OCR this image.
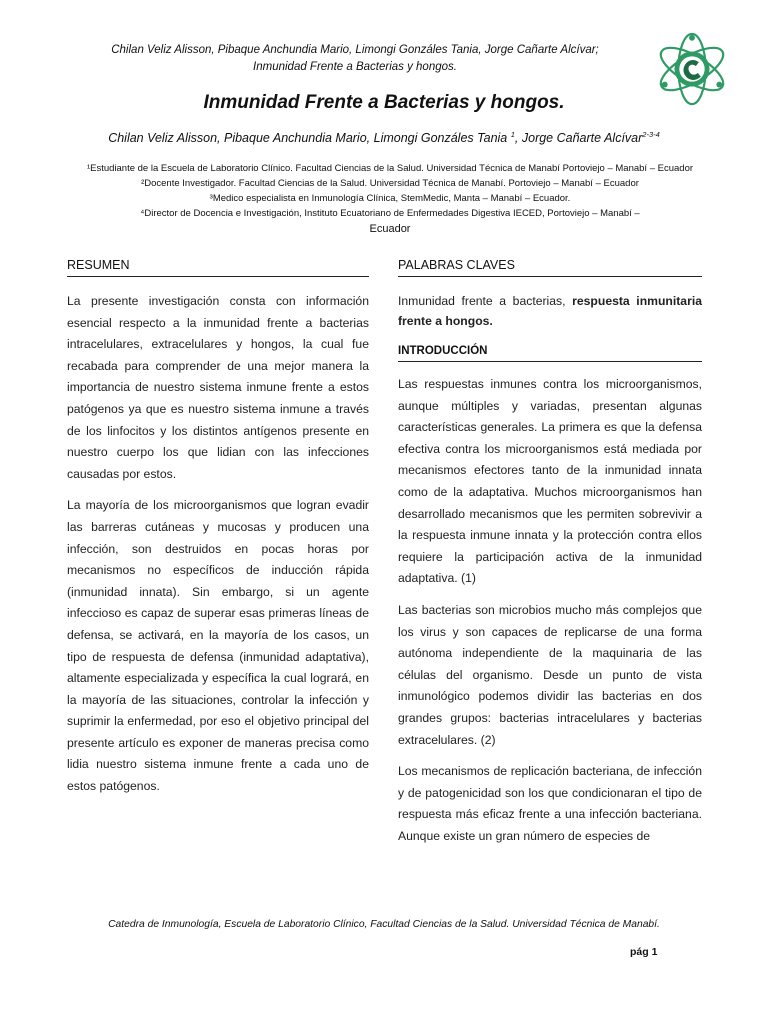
Chilan Veliz Alisson, Pibaque Anchundia Mario, Limongi Gonzáles Tania, Jorge Cañarte Alcívar;
Inmunidad Frente a Bacterias y hongos.
Inmunidad Frente a Bacterias y hongos.
Chilan Veliz Alisson, Pibaque Anchundia Mario, Limongi Gonzáles Tania $^1$, Jorge Cañarte Alcívar$^{2-3-4}$
¹Estudiante de la Escuela de Laboratorio Clínico. Facultad Ciencias de la Salud. Universidad Técnica de Manabí Portoviejo – Manabí – Ecuador
²Docente Investigador. Facultad Ciencias de la Salud. Universidad Técnica de Manabí. Portoviejo – Manabí – Ecuador
³Medico especialista en Inmunología Clínica, StemMedic, Manta – Manabí – Ecuador.
⁴Director de Docencia e Investigación, Instituto Ecuatoriano de Enfermedades Digestiva IECED, Portoviejo – Manabí –
Ecuador
RESUMEN

La presente investigación consta con información esencial respecto a la inmunidad frente a bacterias intracelulares, extracelulares y hongos, la cual fue recabada para comprender de una mejor manera la importancia de nuestro sistema inmune frente a estos patógenos ya que es nuestro sistema inmune a través de los linfocitos y los distintos antígenos presente en nuestro cuerpo los que lidian con las infecciones causadas por estos.

La mayoría de los microorganismos que logran evadir las barreras cutáneas y mucosas y producen una infección, son destruidos en pocas horas por mecanismos no específicos de inducción rápida (inmunidad innata). Sin embargo, si un agente infeccioso es capaz de superar esas primeras líneas de defensa, se activará, en la mayoría de los casos, un tipo de respuesta de defensa (inmunidad adaptativa), altamente especializada y específica la cual logrará, en la mayoría de las situaciones, controlar la infección y suprimir la enfermedad, por eso el objetivo principal del presente artículo es exponer de maneras precisa como lidia nuestro sistema inmune frente a cada uno de estos patógenos.

PALABRAS CLAVES

Inmunidad frente a bacterias, respuesta inmunitaria frente a hongos.

INTRODUCCIÓN

Las respuestas inmunes contra los microorganismos, aunque múltiples y variadas, presentan algunas características generales. La primera es que la defensa efectiva contra los microorganismos está mediada por mecanismos efectores tanto de la inmunidad innata como de la adaptativa. Muchos microorganismos han desarrollado mecanismos que les permiten sobrevivir a la respuesta inmune innata y la protección contra ellos requiere la participación activa de la inmunidad adaptativa. (1)

Las bacterias son microbios mucho más complejos que los virus y son capaces de replicarse de una forma autónoma independiente de la maquinaria de las células del organismo. Desde un punto de vista inmunológico podemos dividir las bacterias en dos grandes grupos: bacterias intracelulares y bacterias extracelulares. (2)

Los mecanismos de replicación bacteriana, de infección y de patogenicidad son los que condicionaran el tipo de respuesta más eficaz frente a una infección bacteriana. Aunque existe un gran número de especies de

Catedra de Inmunología, Escuela de Laboratorio Clínico, Facultad Ciencias de la Salud. Universidad Técnica de Manabí.
pág 1
